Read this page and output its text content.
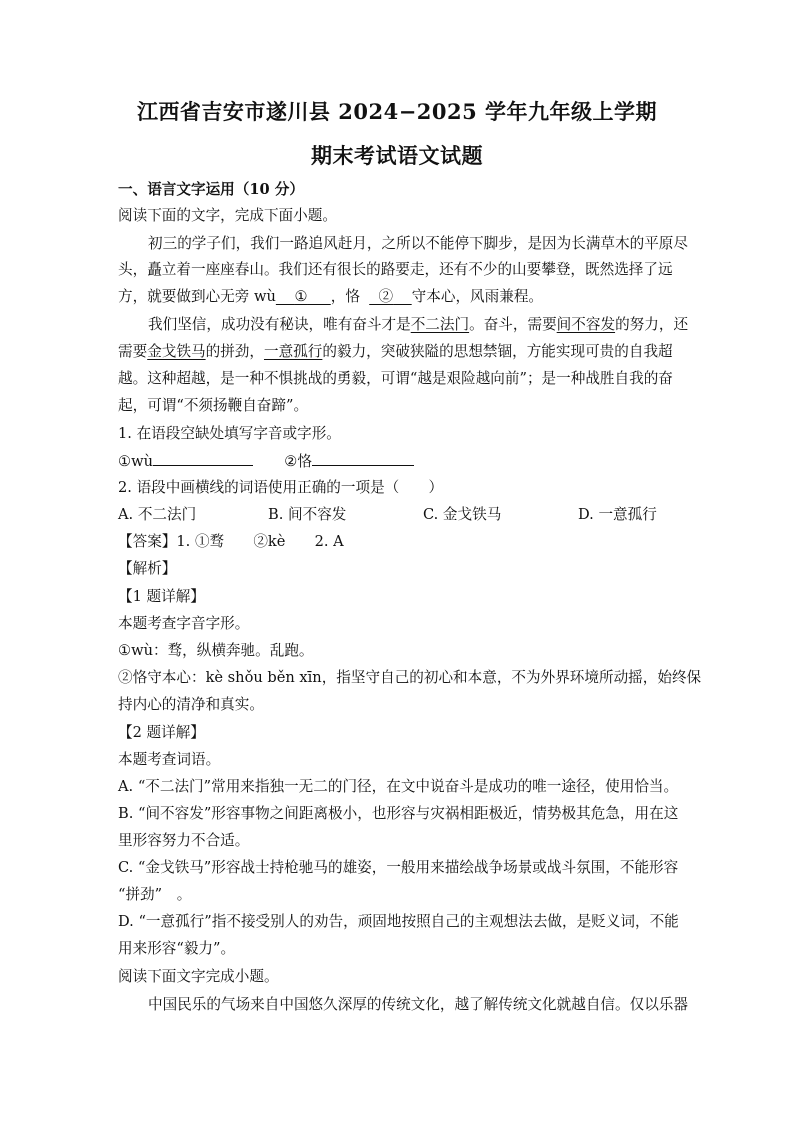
江西省吉安市遂川县 2024−2025 学年九年级上学期
期末考试语文试题
一、语言文字运用（10 分）
阅读下面的文字，完成下面小题。
初三的学子们，我们一路追风赶月，之所以不能停下脚步，是因为长满草木的平原尽
头，矗立着一座座春山。我们还有很长的路要走，还有不少的山要攀登，既然选择了远
方，就要做到心无旁 wù ① ，恪 ② 守本心，风雨兼程。
我们坚信，成功没有秘诀，唯有奋斗才是不二法门。奋斗，需要间不容发的努力，还
需要金戈铁马的拼劲，一意孤行的毅力，突破狭隘的思想禁锢，方能实现可贵的自我超
越。这种超越，是一种不惧挑战的勇毅，可谓“越是艰险越向前”；是一种战胜自我的奋
起，可谓“不须扬鞭自奋蹄”。
1. 在语段空缺处填写字音或字形。
①wù	②恪
2. 语段中画横线的词语使用正确的一项是（　　）
A. 不二法门	B. 间不容发	C. 金戈铁马	D. 一意孤行
【答案】1. ①骛　　②kè　　2. A
【解析】
【1 题详解】
本题考查字音字形。
①wù：骛，纵横奔驰。乱跑。
②恪守本心：kè shǒu běn xīn，指坚守自己的初心和本意，不为外界环境所动摇，始终保
持内心的清净和真实。
【2 题详解】
本题考查词语。
A. “不二法门”常用来指独一无二的门径，在文中说奋斗是成功的唯一途径，使用恰当。
B. “间不容发”形容事物之间距离极小，也形容与灾祸相距极近，情势极其危急，用在这
里形容努力不合适。
C. “金戈铁马”形容战士持枪驰马的雄姿，一般用来描绘战争场景或战斗氛围，不能形容
“拼劲”　。
D. “一意孤行”指不接受别人的劝告，顽固地按照自己的主观想法去做，是贬义词，不能
用来形容“毅力”。
阅读下面文字完成小题。
中国民乐的气场来自中国悠久深厚的传统文化，越了解传统文化就越自信。仅以乐器
